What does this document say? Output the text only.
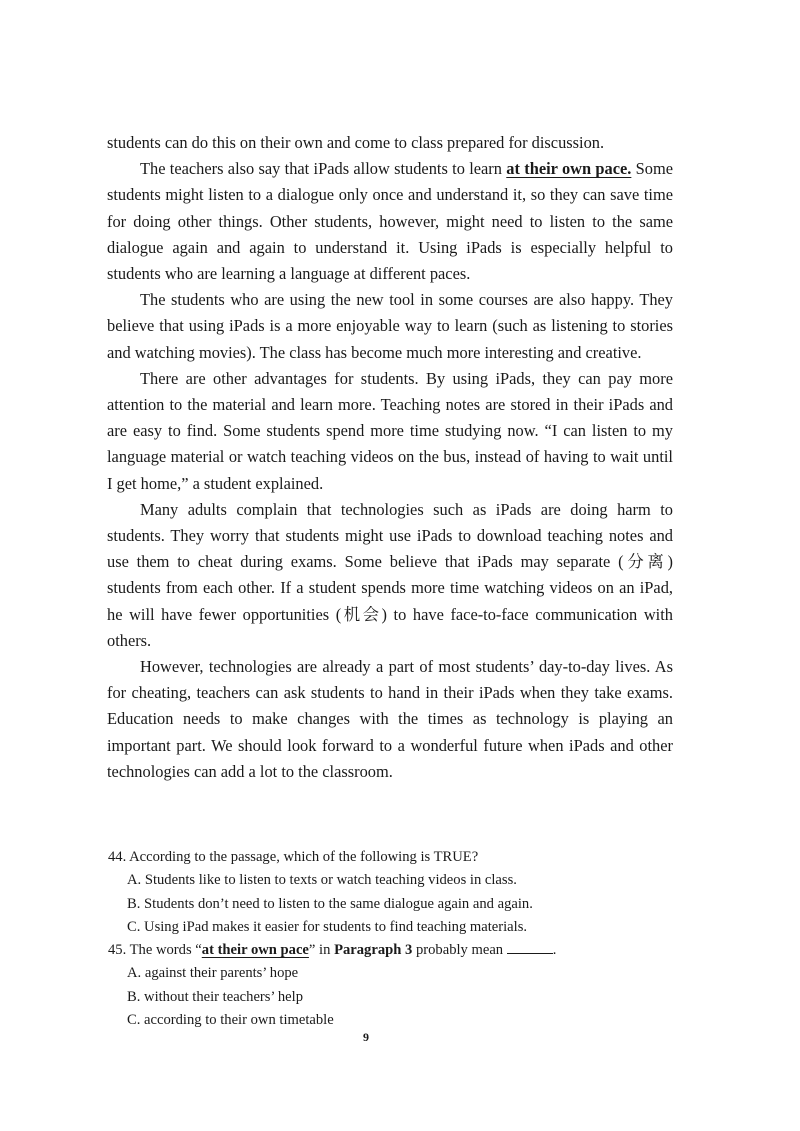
students can do this on their own and come to class prepared for discussion.

The teachers also say that iPads allow students to learn at their own pace. Some students might listen to a dialogue only once and understand it, so they can save time for doing other things. Other students, however, might need to listen to the same dialogue again and again to understand it. Using iPads is especially helpful to students who are learning a language at different paces.

The students who are using the new tool in some courses are also happy. They believe that using iPads is a more enjoyable way to learn (such as listening to stories and watching movies). The class has become much more interesting and creative.

There are other advantages for students. By using iPads, they can pay more attention to the material and learn more. Teaching notes are stored in their iPads and are easy to find. Some students spend more time studying now. “I can listen to my language material or watch teaching videos on the bus, instead of having to wait until I get home,” a student explained.

Many adults complain that technologies such as iPads are doing harm to students. They worry that students might use iPads to download teaching notes and use them to cheat during exams. Some believe that iPads may separate (分离) students from each other. If a student spends more time watching videos on an iPad, he will have fewer opportunities (机会) to have face-to-face communication with others.

However, technologies are already a part of most students’ day-to-day lives. As for cheating, teachers can ask students to hand in their iPads when they take exams. Education needs to make changes with the times as technology is playing an important part. We should look forward to a wonderful future when iPads and other technologies can add a lot to the classroom.

44. According to the passage, which of the following is TRUE?

A. Students like to listen to texts or watch teaching videos in class.

B. Students don’t need to listen to the same dialogue again and again.

C. Using iPad makes it easier for students to find teaching materials.

45. The words “at their own pace” in Paragraph 3 probably mean	.

A. against their parents’ hope

B. without their teachers’ help

C. according to their own timetable

9
